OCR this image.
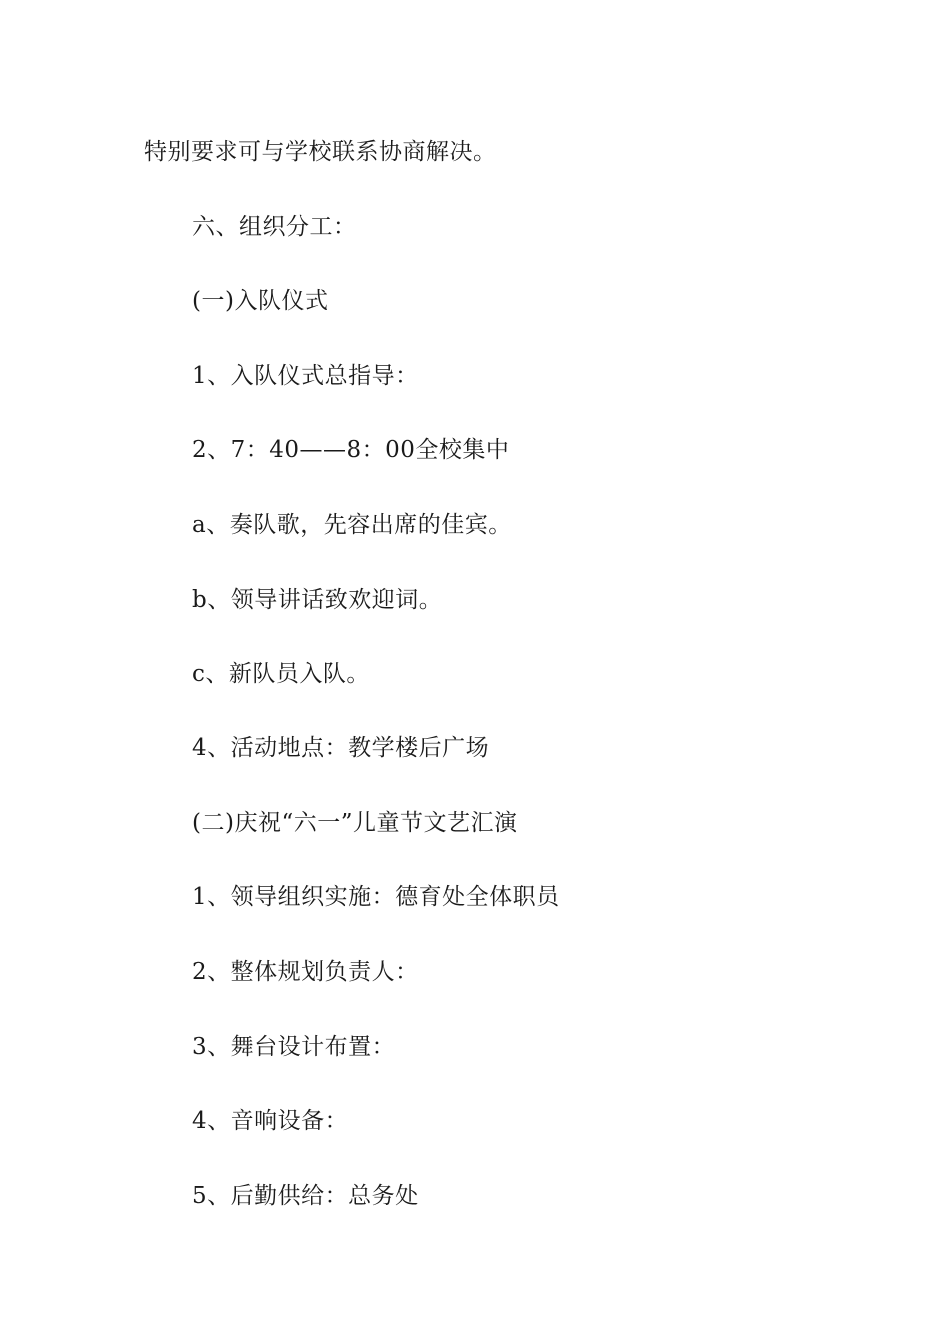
特别要求可与学校联系协商解决。
六、组织分工：
(一)入队仪式
1、入队仪式总指导：
2、7：40——8：00全校集中
a、奏队歌，先容出席的佳宾。
b、领导讲话致欢迎词。
c、新队员入队。
4、活动地点：教学楼后广场
(二)庆祝“六一”儿童节文艺汇演
1、领导组织实施：德育处全体职员
2、整体规划负责人：
3、舞台设计布置：
4、音响设备：
5、后勤供给：总务处
